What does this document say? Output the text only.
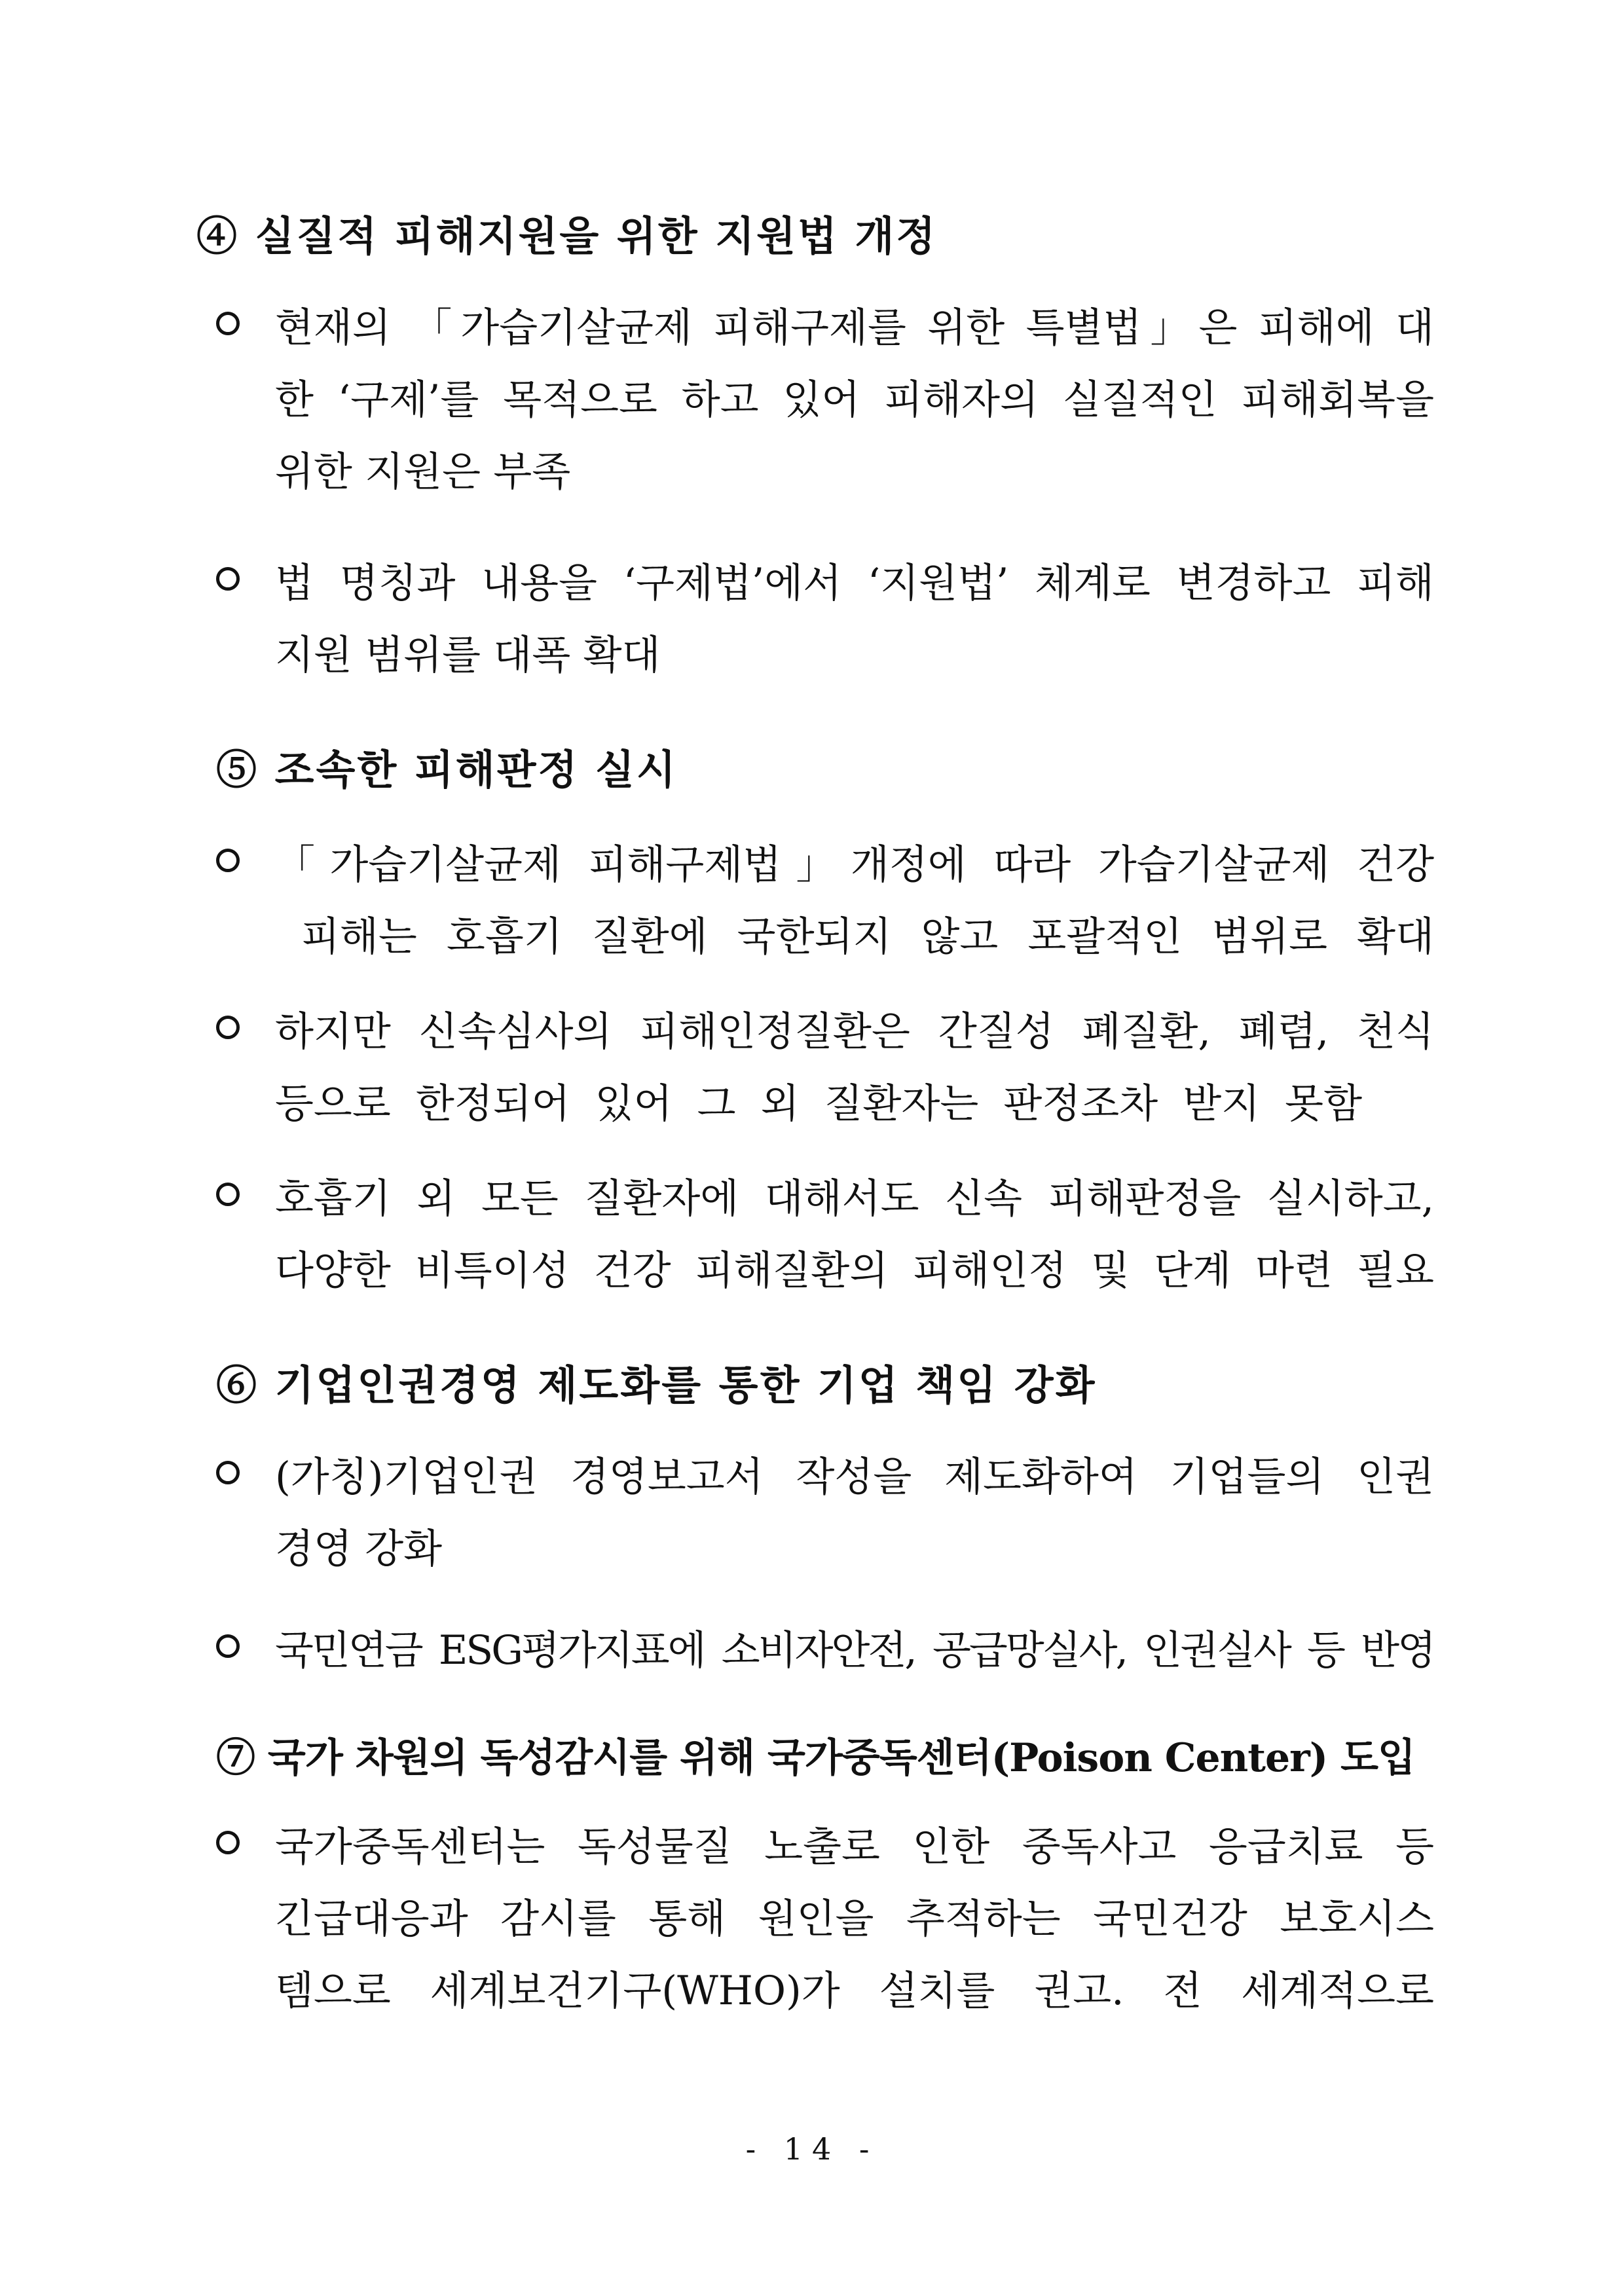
④ 실질적 피해지원을 위한 지원법 개정
현재의 「가습기살균제 피해구제를 위한 특별법」은 피해에 대
한 ‘구제’를 목적으로 하고 있어 피해자의 실질적인 피해회복을
위한 지원은 부족
법 명칭과 내용을 ‘구제법’에서 ‘지원법’ 체계로 변경하고 피해
지원 범위를 대폭 확대
⑤ 조속한 피해판정 실시
「가습기살균제 피해구제법」개정에 따라 가습기살균제 건강
피해는 호흡기 질환에 국한되지 않고 포괄적인 범위로 확대
하지만 신속심사의 피해인정질환은 간질성 폐질환, 폐렴, 천식
등으로 한정되어 있어 그 외 질환자는 판정조차 받지 못함
호흡기 외 모든 질환자에 대해서도 신속 피해판정을 실시하고,
다양한 비특이성 건강 피해질환의 피해인정 및 단계 마련 필요
⑥ 기업인권경영 제도화를 통한 기업 책임 강화
(가칭)기업인권 경영보고서 작성을 제도화하여 기업들의 인권
경영 강화
국민연금 ESG평가지표에 소비자안전, 공급망실사, 인권실사 등 반영
⑦ 국가 차원의 독성감시를 위해 국가중독센터(Poison Center) 도입
국가중독센터는 독성물질 노출로 인한 중독사고 응급치료 등
긴급대응과 감시를 통해 원인을 추적하는 국민건강 보호시스
템으로 세계보건기구(WHO)가 설치를 권고. 전 세계적으로
- 14 -
